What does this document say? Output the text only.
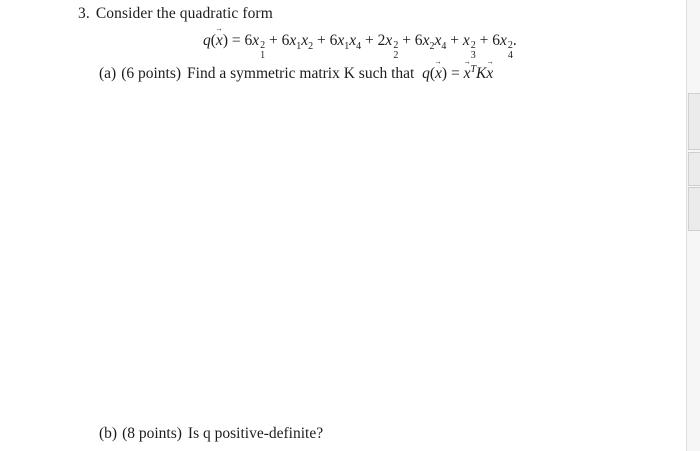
3. Consider the quadratic form
q(→ x) = 6x 2
1
+ $6x_1x_2 + 6x_1x_4 + 2x$ 2
2
+ $6x_2x_4 + x$ 2
3
+ 6x 2
4
.
(a) (6 points) Find a symmetric matrix K such that q(→ x) = → $x^TK\to x$
(b) (8 points) Is q positive-definite?
